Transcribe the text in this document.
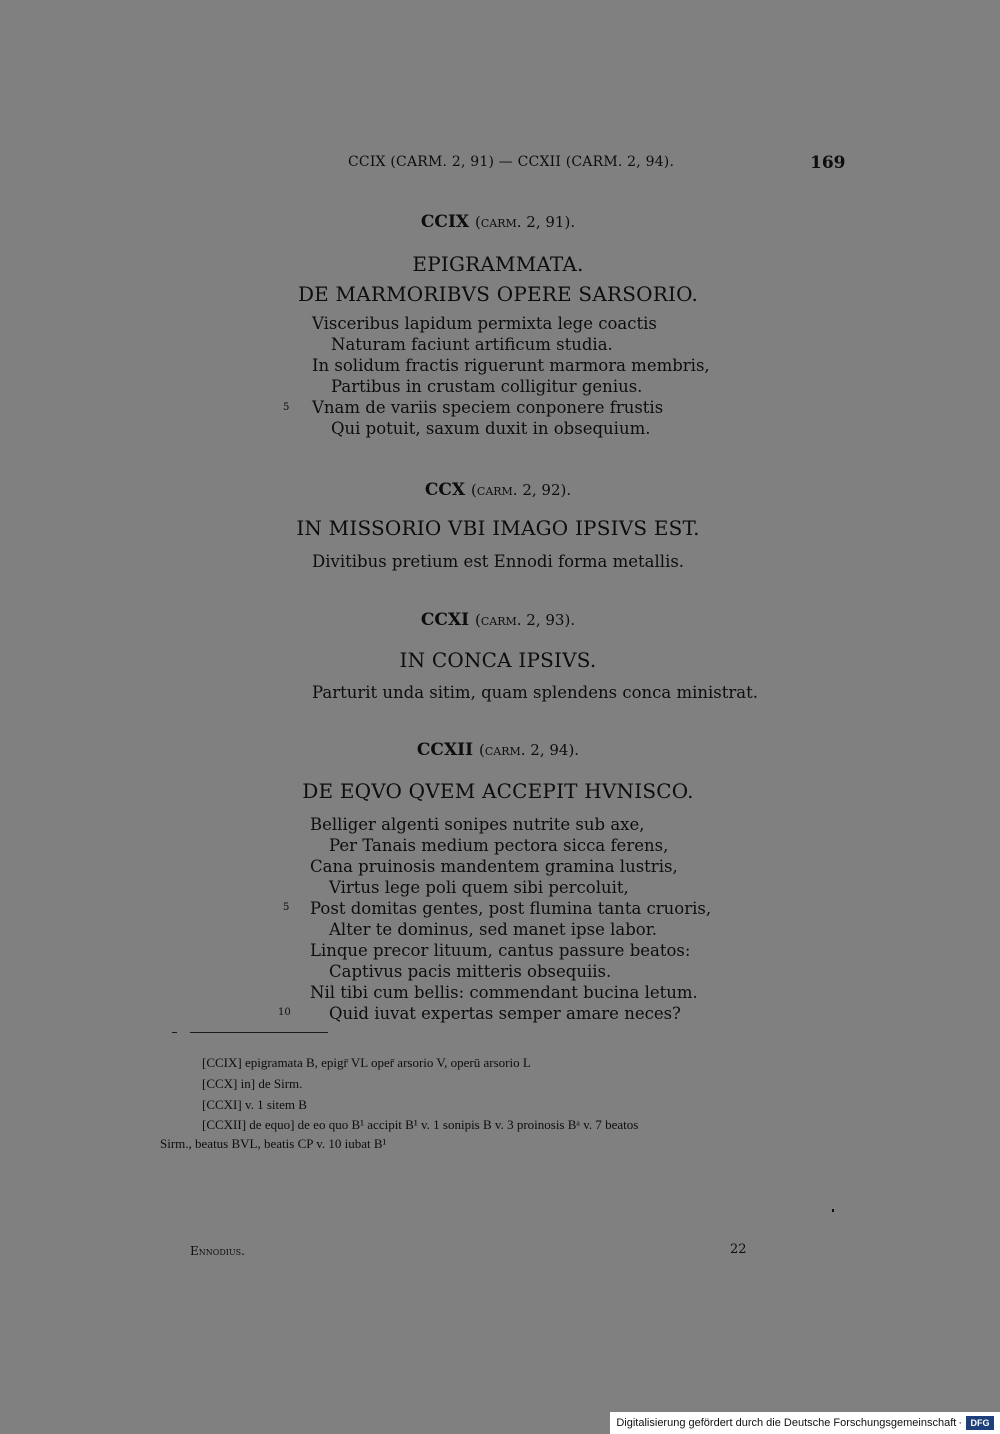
CCIX (CARM. 2, 91) — CCXII (CARM. 2, 94).	169
CCIX (carm. 2, 91).
EPIGRAMMATA.
DE MARMORIBVS OPERE SARSORIO.
Visceribus lapidum permixta lege coactis
Naturam faciunt artificum studia.
In solidum fractis riguerunt marmora membris,
Partibus in crustam colligitur genius.
Vnam de variis speciem conponere frustis
Qui potuit, saxum duxit in obsequium.
5
CCX (carm. 2, 92).
IN MISSORIO VBI IMAGO IPSIVS EST.
Divitibus pretium est Ennodi forma metallis.
CCXI (carm. 2, 93).
IN CONCA IPSIVS.
Parturit unda sitim, quam splendens conca ministrat.
CCXII (carm. 2, 94).
DE EQVO QVEM ACCEPIT HVNISCO.
Belliger algenti sonipes nutrite sub axe,
Per Tanais medium pectora sicca ferens,
Cana pruinosis mandentem gramina lustris,
Virtus lege poli quem sibi percoluit,
Post domitas gentes, post flumina tanta cruoris,
Alter te dominus, sed manet ipse labor.
Linque precor lituum, cantus passure beatos:
Captivus pacis mitteris obsequiis.
Nil tibi cum bellis: commendant bucina letum.
Quid iuvat expertas semper amare neces?
5
10
[CCIX] epigramata B, epigr̄ VL oper̄ arsorio V, operū arsorio L
[CCX] in] de Sirm.
[CCXI] v. 1 sitem B
[CCXII] de equo] de eo quo B¹ accipit B¹ v. 1 sonipis B v. 3 proinosis Bᵃ v. 7 beatos
Sirm., beatus BVL, beatis CP v. 10 iubat B¹
Ennodius.	22
Digitalisierung gefördert durch die Deutsche Forschungsgemeinschaft · DFG
